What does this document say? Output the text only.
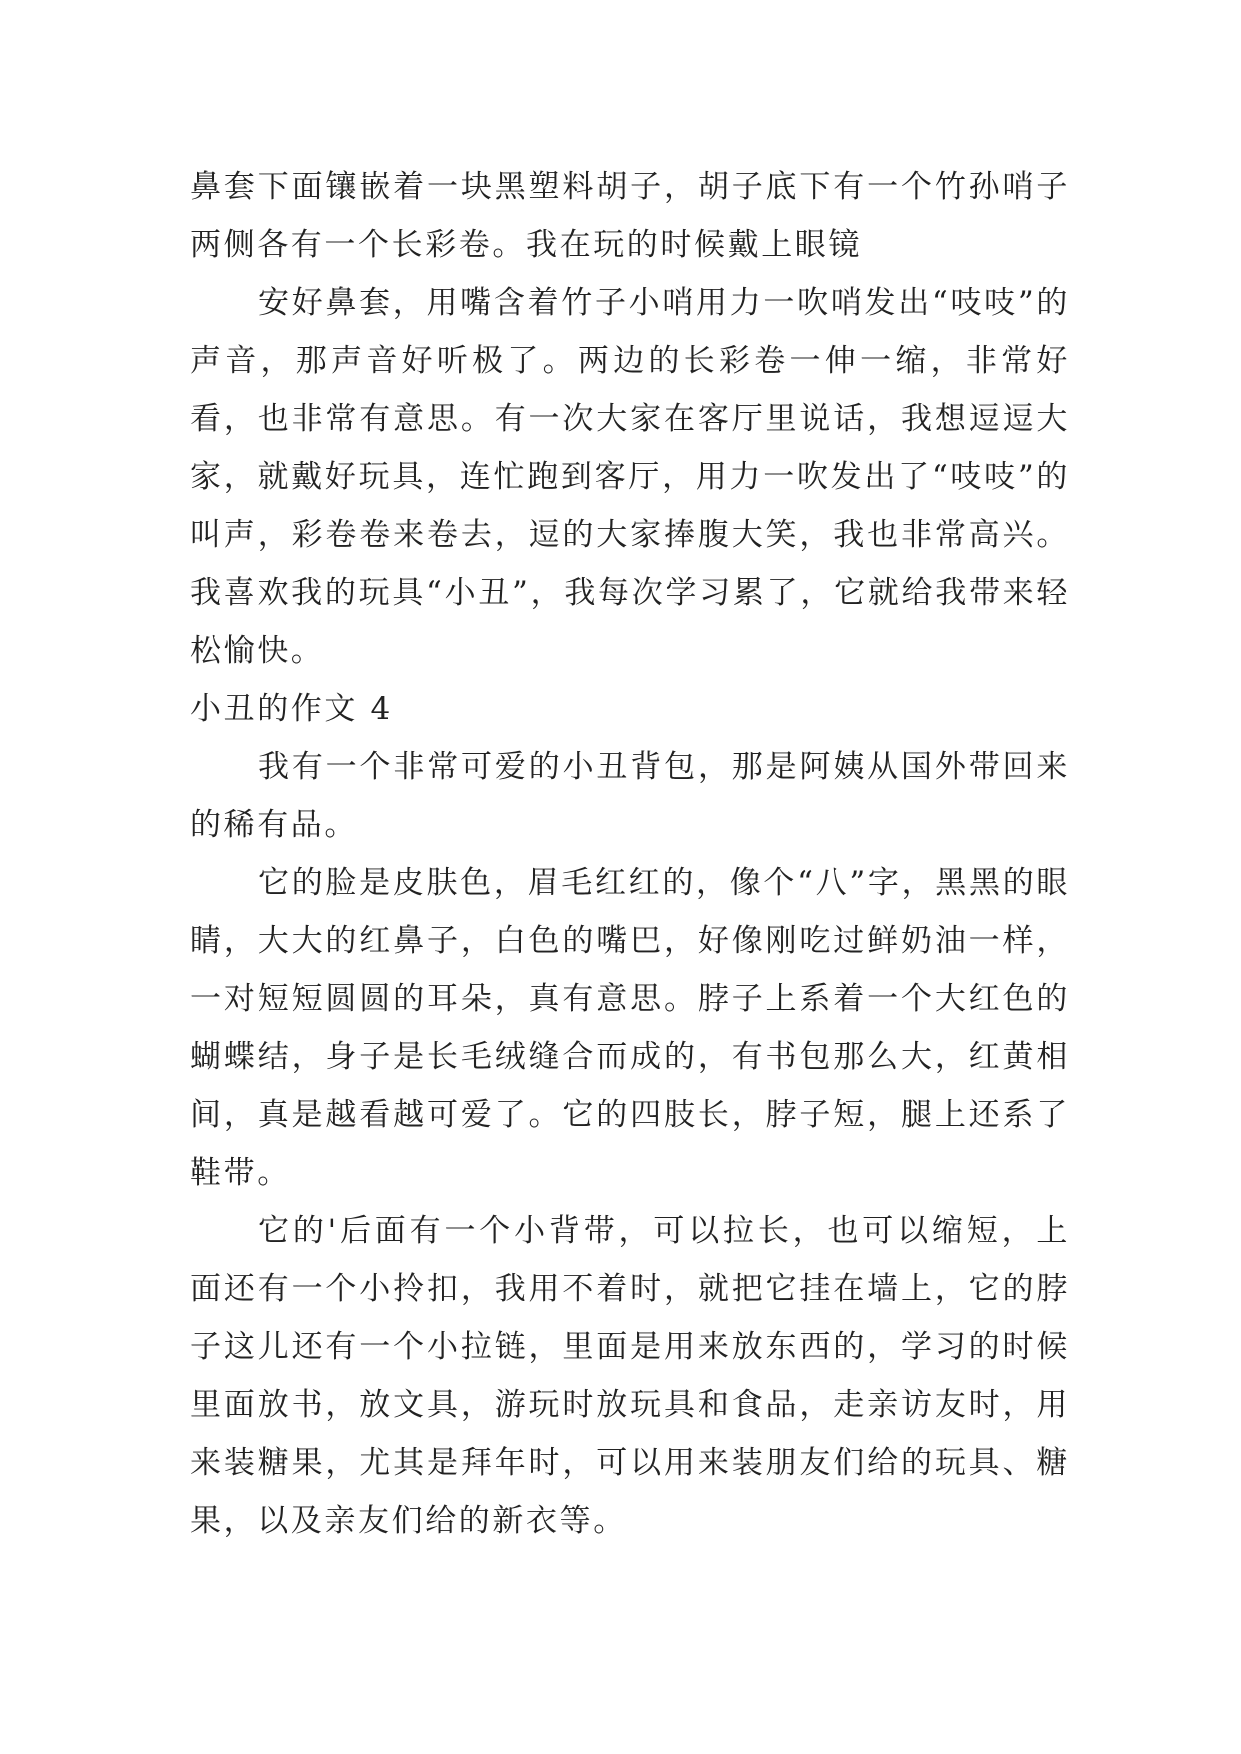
鼻套下面镶嵌着一块黑塑料胡子，胡子底下有一个竹孙哨子两侧各有一个长彩卷。我在玩的时候戴上眼镜

安好鼻套，用嘴含着竹子小哨用力一吹哨发出“吱吱”的声音，那声音好听极了。两边的长彩卷一伸一缩，非常好看，也非常有意思。有一次大家在客厅里说话，我想逗逗大家，就戴好玩具，连忙跑到客厅，用力一吹发出了“吱吱”的叫声，彩卷卷来卷去，逗的大家捧腹大笑，我也非常高兴。我喜欢我的玩具“小丑”，我每次学习累了，它就给我带来轻松愉快。

小丑的作文 4

我有一个非常可爱的小丑背包，那是阿姨从国外带回来的稀有品。

它的脸是皮肤色，眉毛红红的，像个“八”字，黑黑的眼睛，大大的红鼻子，白色的嘴巴，好像刚吃过鲜奶油一样，一对短短圆圆的耳朵，真有意思。脖子上系着一个大红色的蝴蝶结，身子是长毛绒缝合而成的，有书包那么大，红黄相间，真是越看越可爱了。它的四肢长，脖子短，腿上还系了鞋带。

它的'后面有一个小背带，可以拉长，也可以缩短，上面还有一个小拎扣，我用不着时，就把它挂在墙上，它的脖子这儿还有一个小拉链，里面是用来放东西的，学习的时候里面放书，放文具，游玩时放玩具和食品，走亲访友时，用来装糖果，尤其是拜年时，可以用来装朋友们给的玩具、糖果，以及亲友们给的新衣等。
